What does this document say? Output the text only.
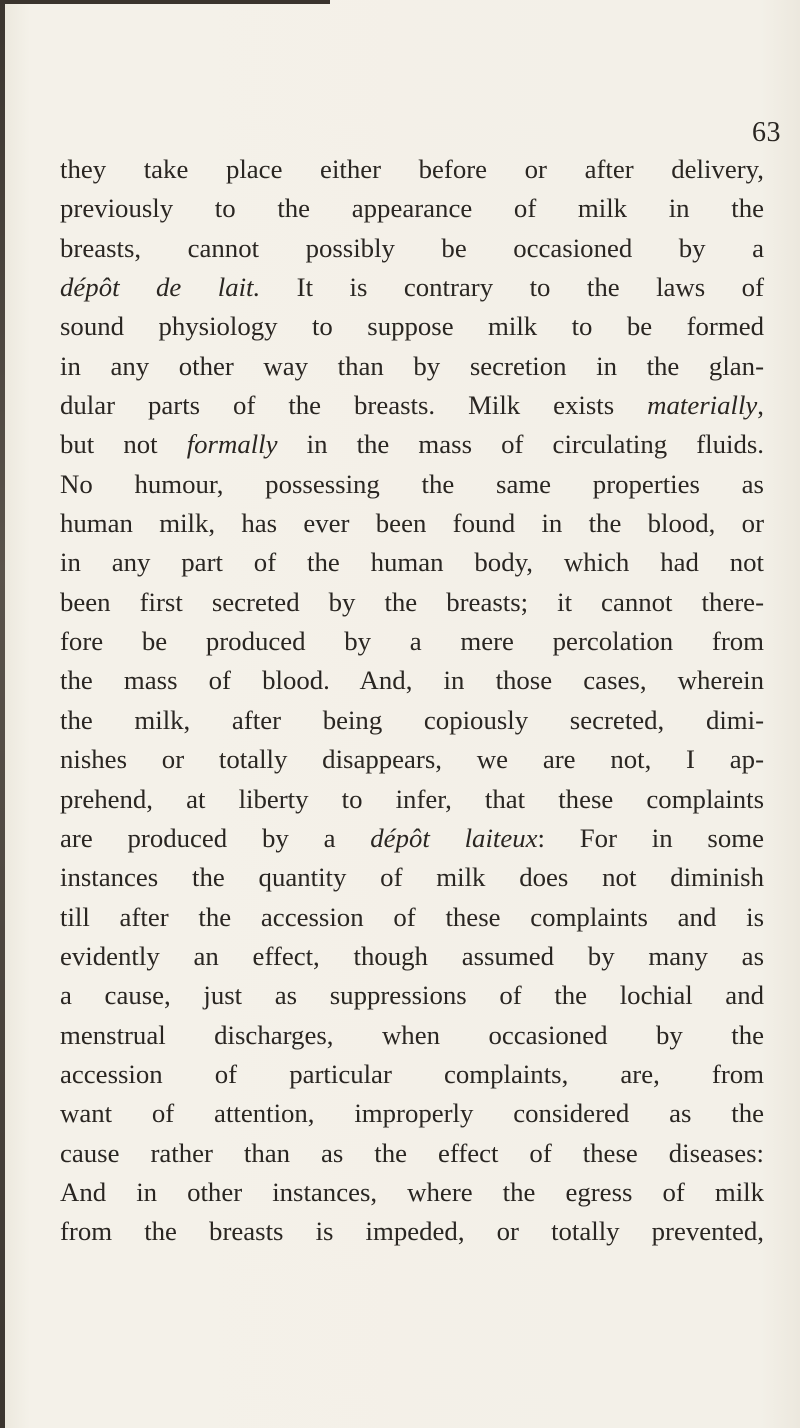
63
they take place either before or after delivery,
previously to the appearance of milk in the
breasts, cannot possibly be occasioned by a
dépôt de lait. It is contrary to the laws of
sound physiology to suppose milk to be formed
in any other way than by secretion in the glan-
dular parts of the breasts. Milk exists materially,
but not formally in the mass of circulating fluids.
No humour, possessing the same properties as
human milk, has ever been found in the blood, or
in any part of the human body, which had not
been first secreted by the breasts; it cannot there-
fore be produced by a mere percolation from
the mass of blood. And, in those cases, wherein
the milk, after being copiously secreted, dimi-
nishes or totally disappears, we are not, I ap-
prehend, at liberty to infer, that these complaints
are produced by a dépôt laiteux: For in some
instances the quantity of milk does not diminish
till after the accession of these complaints and is
evidently an effect, though assumed by many as
a cause, just as suppressions of the lochial and
menstrual discharges, when occasioned by the
accession of particular complaints, are, from
want of attention, improperly considered as the
cause rather than as the effect of these diseases:
And in other instances, where the egress of milk
from the breasts is impeded, or totally prevented,
